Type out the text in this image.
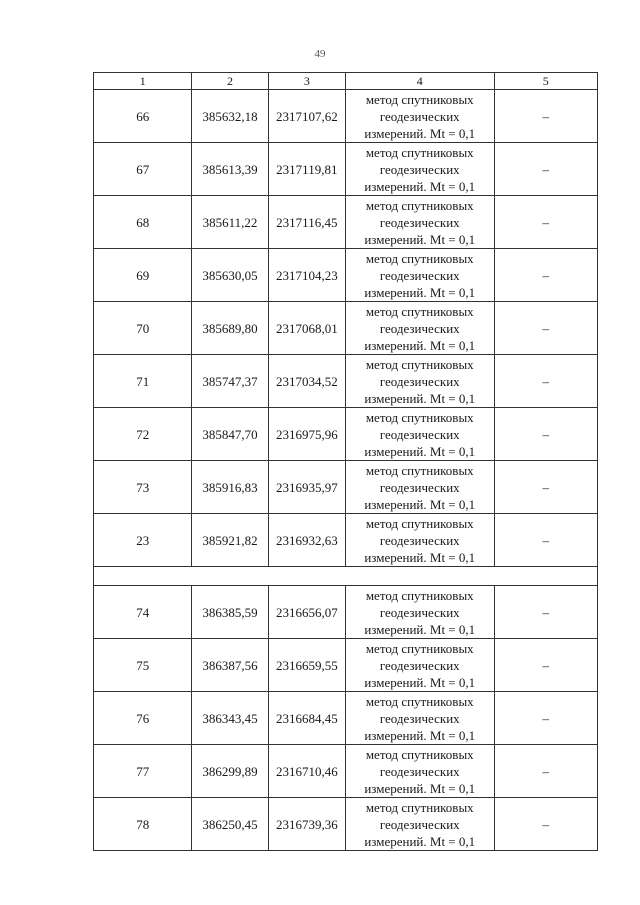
49
1	2	3	4	5
66	385632,18	2317107,62	метод спутниковых
геодезических
измерений. Mt = 0,1	–
67	385613,39	2317119,81	метод спутниковых
геодезических
измерений. Mt = 0,1	–
68	385611,22	2317116,45	метод спутниковых
геодезических
измерений. Mt = 0,1	–
69	385630,05	2317104,23	метод спутниковых
геодезических
измерений. Mt = 0,1	–
70	385689,80	2317068,01	метод спутниковых
геодезических
измерений. Mt = 0,1	–
71	385747,37	2317034,52	метод спутниковых
геодезических
измерений. Mt = 0,1	–
72	385847,70	2316975,96	метод спутниковых
геодезических
измерений. Mt = 0,1	–
73	385916,83	2316935,97	метод спутниковых
геодезических
измерений. Mt = 0,1	–
23	385921,82	2316932,63	метод спутниковых
геодезических
измерений. Mt = 0,1	–

74	386385,59	2316656,07	метод спутниковых
геодезических
измерений. Mt = 0,1	–
75	386387,56	2316659,55	метод спутниковых
геодезических
измерений. Mt = 0,1	–
76	386343,45	2316684,45	метод спутниковых
геодезических
измерений. Mt = 0,1	–
77	386299,89	2316710,46	метод спутниковых
геодезических
измерений. Mt = 0,1	–
78	386250,45	2316739,36	метод спутниковых
геодезических
измерений. Mt = 0,1	–
